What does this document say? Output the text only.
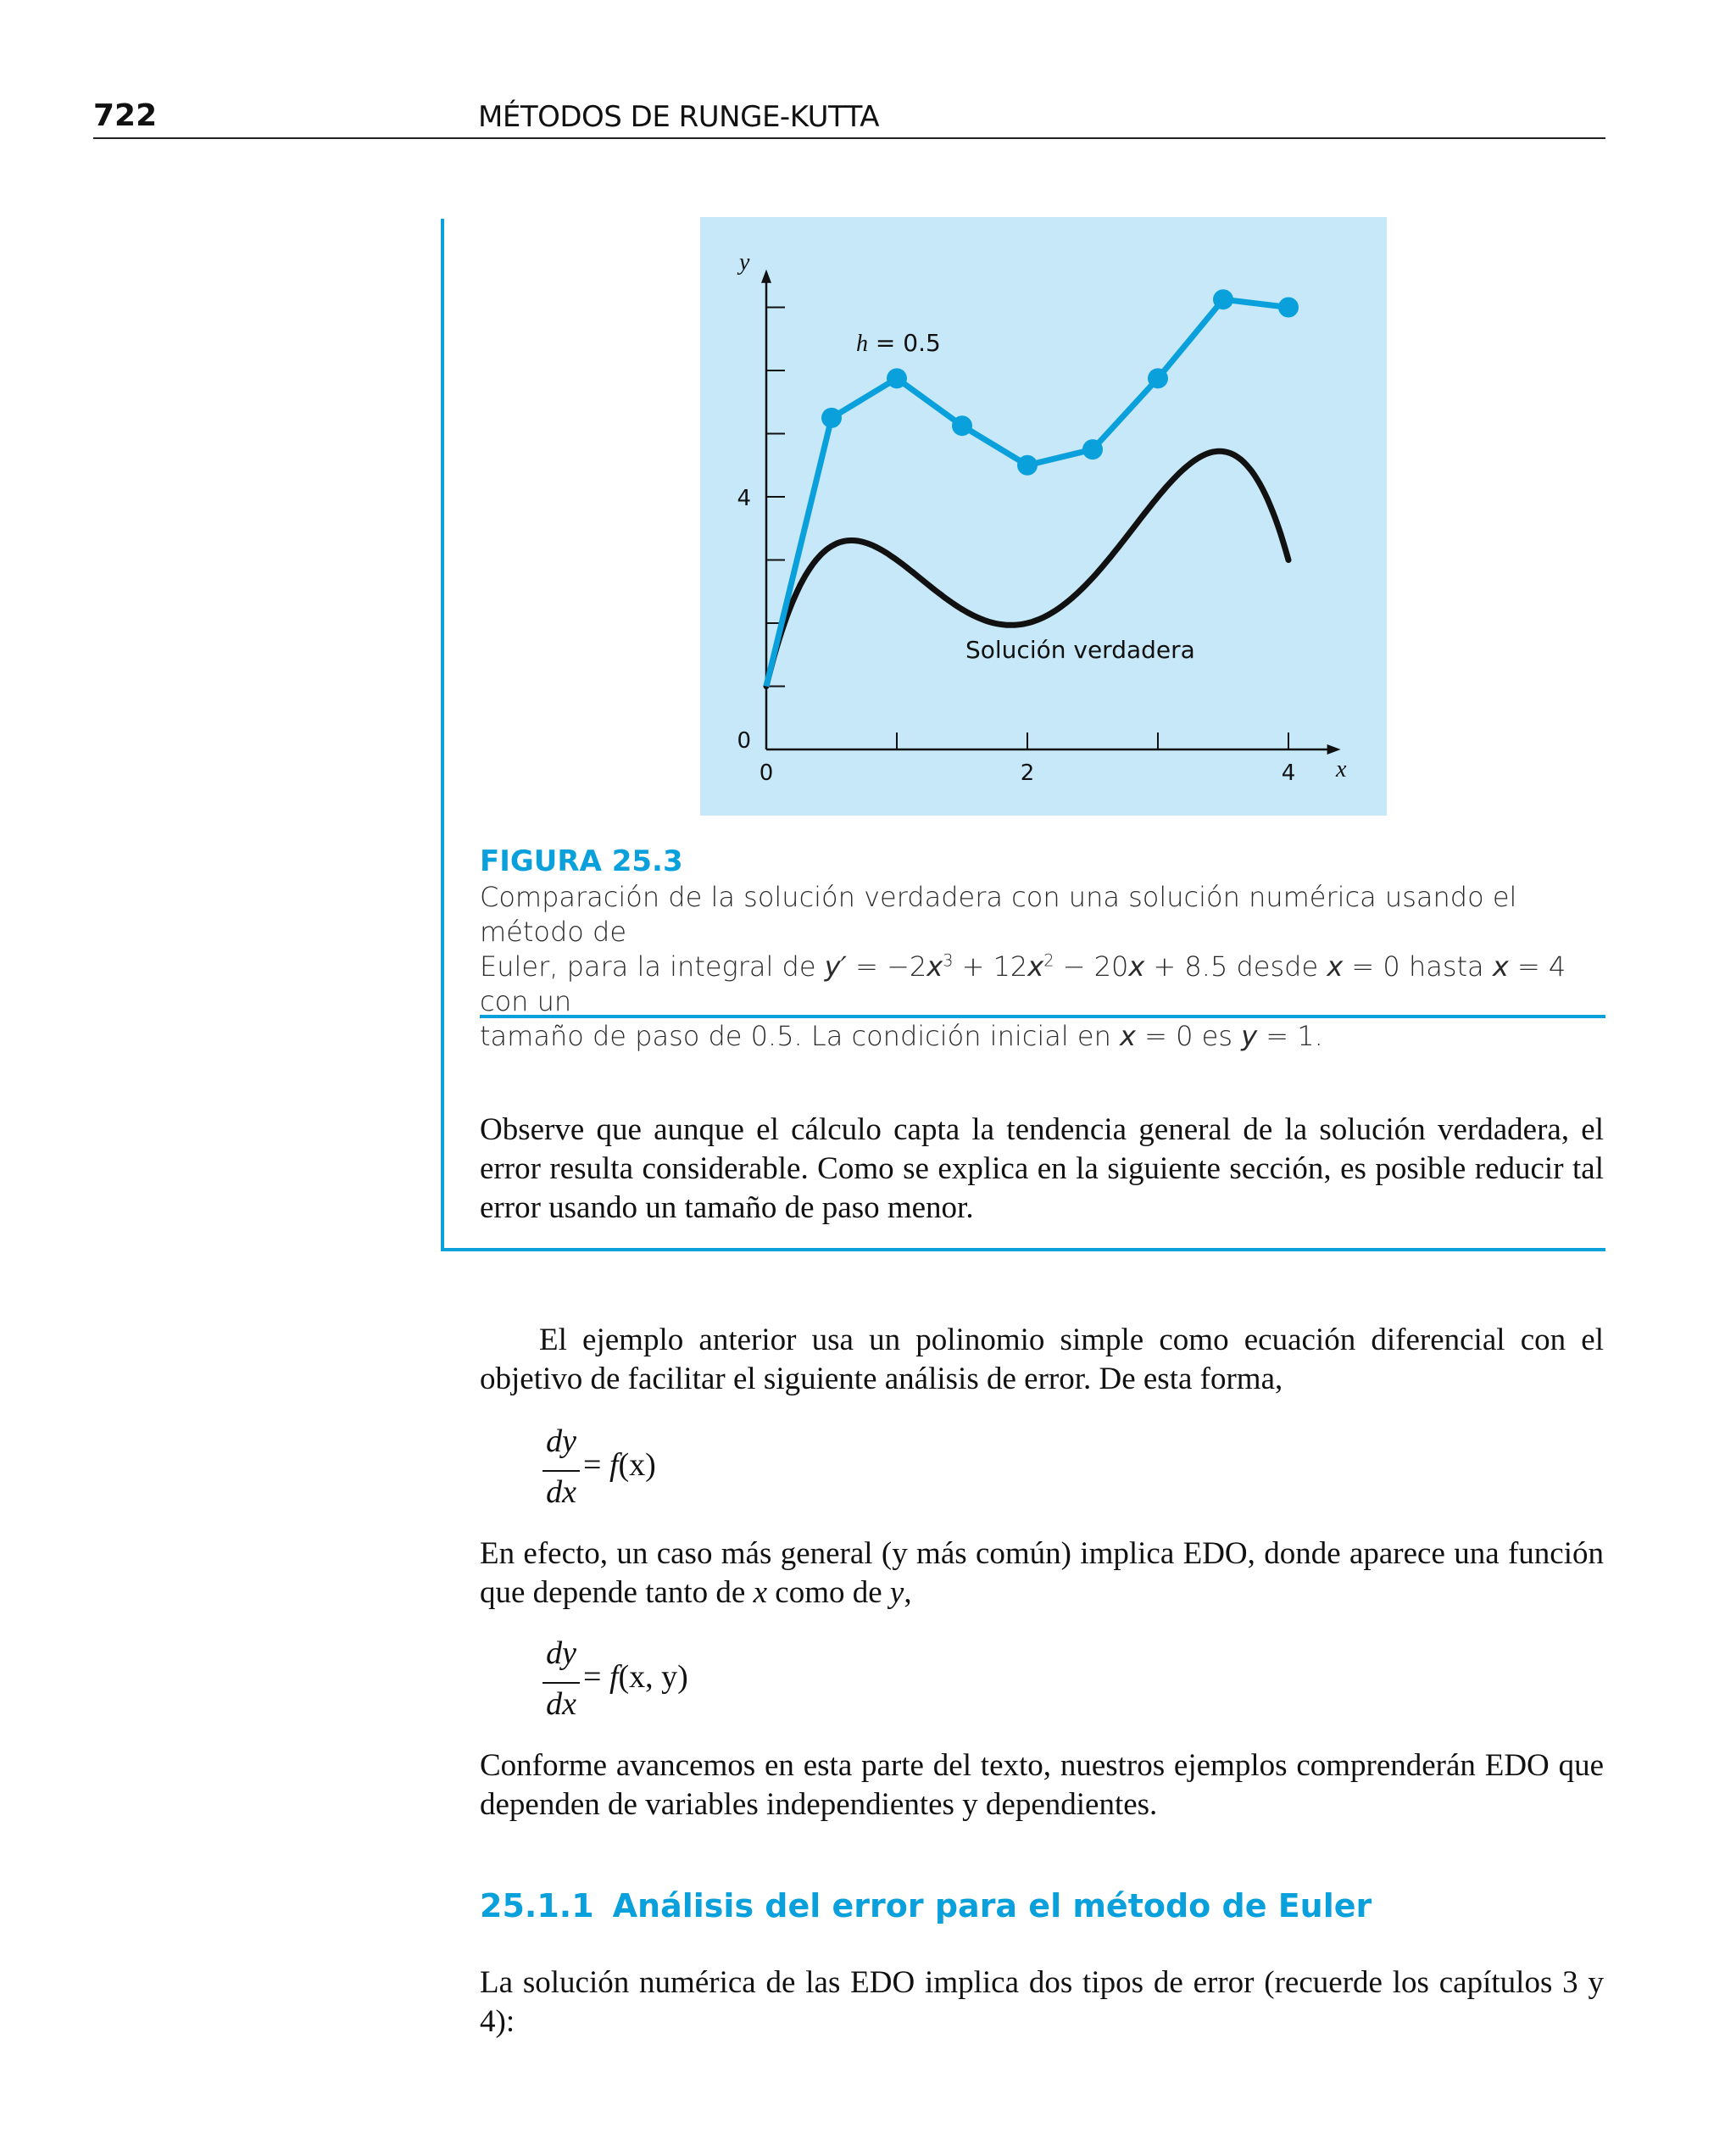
722	MÉTODOS DE RUNGE-KUTTA
0	2	4
0
4
y
x
h = 0.5
Solución verdadera
FIGURA 25.3
Comparación de la solución verdadera con una solución numérica usando el método de
Euler, para la integral de $y' = -2x^3 + 12x^2 - 20x + 8.5$ desde x = 0 hasta x = 4 con un
tamaño de paso de 0.5. La condición inicial en x = 0 es y = 1.
Observe que aunque el cálculo capta la tendencia general de la solución verdadera, el error resulta considerable. Como se explica en la siguiente sección, es posible reducir tal error usando un tamaño de paso menor.
El ejemplo anterior usa un polinomio simple como ecuación diferencial con el objetivo de facilitar el siguiente análisis de error. De esta forma,
dy
dx
= f(x)
En efecto, un caso más general (y más común) implica EDO, donde aparece una función que depende tanto de x como de y,
dy
dx
= f(x, y)
Conforme avancemos en esta parte del texto, nuestros ejemplos comprenderán EDO que dependen de variables independientes y dependientes.
25.1.1 Análisis del error para el método de Euler
La solución numérica de las EDO implica dos tipos de error (recuerde los capítulos 3 y 4):
